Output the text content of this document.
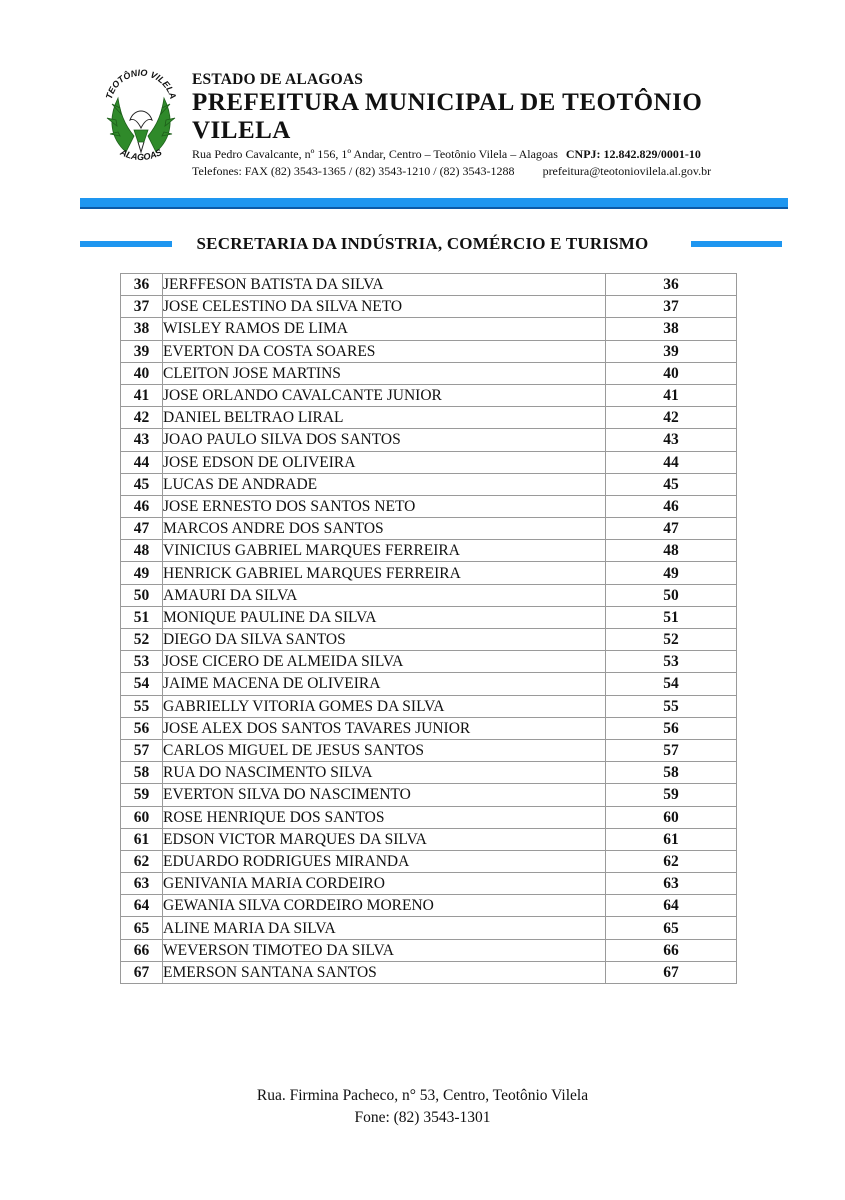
TEOTÔNIO VILELA
ALAGOAS
ESTADO DE ALAGOAS
PREFEITURA MUNICIPAL DE TEOTÔNIO VILELA
Rua Pedro Cavalcante, nº 156, 1º Andar, Centro – Teotônio Vilela – Alagoas CNPJ: 12.842.829/0001-10
Telefones: FAX (82) 3543-1365 / (82) 3543-1210 / (82) 3543-1288 prefeitura@teotoniovilela.al.gov.br
SECRETARIA DA INDÚSTRIA, COMÉRCIO E TURISMO
36	JERFFESON BATISTA DA SILVA	36
37	JOSE CELESTINO DA SILVA NETO	37
38	WISLEY RAMOS DE LIMA	38
39	EVERTON DA COSTA SOARES	39
40	CLEITON JOSE MARTINS	40
41	JOSE ORLANDO CAVALCANTE JUNIOR	41
42	DANIEL BELTRAO LIRAL	42
43	JOAO PAULO SILVA DOS SANTOS	43
44	JOSE EDSON DE OLIVEIRA	44
45	LUCAS DE ANDRADE	45
46	JOSE ERNESTO DOS SANTOS NETO	46
47	MARCOS ANDRE DOS SANTOS	47
48	VINICIUS GABRIEL MARQUES FERREIRA	48
49	HENRICK GABRIEL MARQUES FERREIRA	49
50	AMAURI DA SILVA	50
51	MONIQUE PAULINE DA SILVA	51
52	DIEGO DA SILVA SANTOS	52
53	JOSE CICERO DE ALMEIDA SILVA	53
54	JAIME MACENA DE OLIVEIRA	54
55	GABRIELLY VITORIA GOMES DA SILVA	55
56	JOSE ALEX DOS SANTOS TAVARES JUNIOR	56
57	CARLOS MIGUEL DE JESUS SANTOS	57
58	RUA DO NASCIMENTO SILVA	58
59	EVERTON SILVA DO NASCIMENTO	59
60	ROSE HENRIQUE DOS SANTOS	60
61	EDSON VICTOR MARQUES DA SILVA	61
62	EDUARDO RODRIGUES MIRANDA	62
63	GENIVANIA MARIA CORDEIRO	63
64	GEWANIA SILVA CORDEIRO MORENO	64
65	ALINE MARIA DA SILVA	65
66	WEVERSON TIMOTEO DA SILVA	66
67	EMERSON SANTANA SANTOS	67
Rua. Firmina Pacheco, n° 53, Centro, Teotônio Vilela
Fone: (82) 3543-1301
